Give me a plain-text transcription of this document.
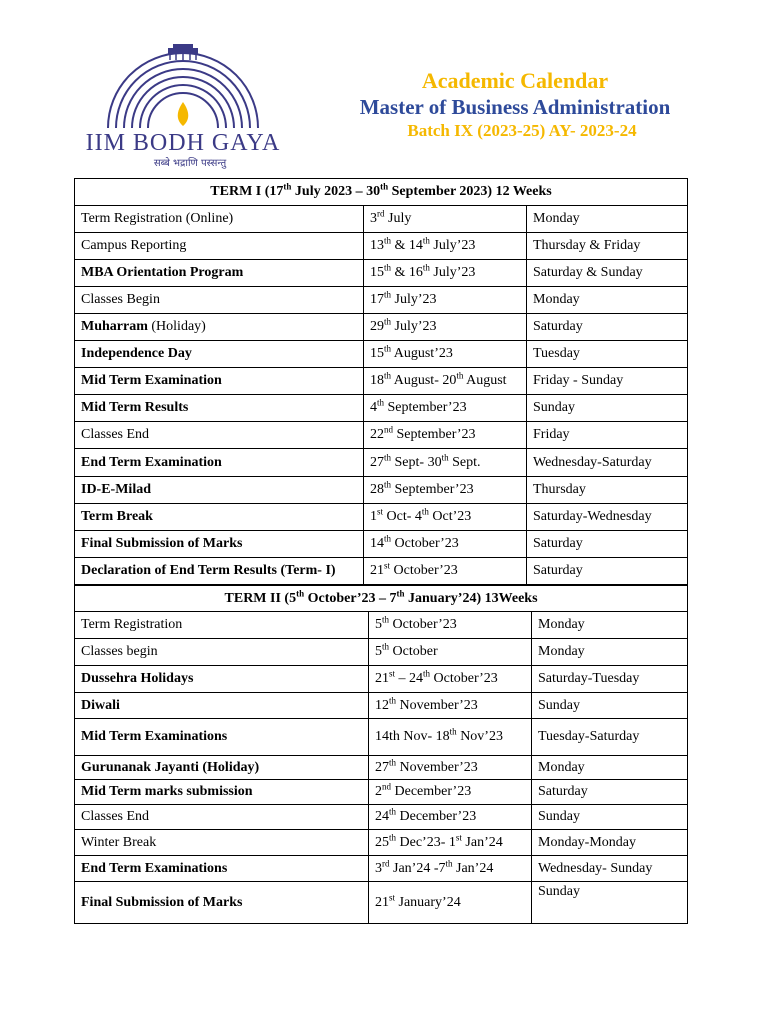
IIM BODH GAYA
सब्बे भद्राणि पस्सन्तु
Academic Calendar
Master of Business Administration
Batch IX (2023-25) AY- 2023-24
TERM I (17th July 2023 – 30th September 2023) 12 Weeks		
Term Registration (Online)	3rd July	Monday
Campus Reporting	13th & 14th July’23	Thursday & Friday
MBA Orientation Program	15th & 16th July’23	Saturday & Sunday
Classes Begin	17th July’23	Monday
Muharram (Holiday)	29th July’23	Saturday
Independence Day	15th August’23	Tuesday
Mid Term Examination	18th August- 20th August	Friday - Sunday
Mid Term Results	4th September’23	Sunday
Classes End	22nd September’23	Friday
End Term Examination	27th Sept- 30th Sept.	Wednesday-Saturday
ID-E-Milad	28th September’23	Thursday
Term Break	1st Oct- 4th Oct’23	Saturday-Wednesday
Final Submission of Marks	14th October’23	Saturday
Declaration of End Term Results (Term- I)	21st October’23	Saturday
TERM II (5th October’23 – 7th January’24) 13Weeks		
Term Registration	5th October’23	Monday
Classes begin	5th October	Monday
Dussehra Holidays	21st – 24th October’23	Saturday-Tuesday
Diwali	12th November’23	Sunday
Mid Term Examinations	14th Nov- 18th Nov’23	Tuesday-Saturday
Gurunanak Jayanti (Holiday)	27th November’23	Monday
Mid Term marks submission	2nd December’23	Saturday
Classes End	24th December’23	Sunday
Winter Break	25th Dec’23- 1st Jan’24	Monday-Monday
End Term Examinations	3rd Jan’24 -7th Jan’24	Wednesday- Sunday
Final Submission of Marks	21st January’24	Sunday
